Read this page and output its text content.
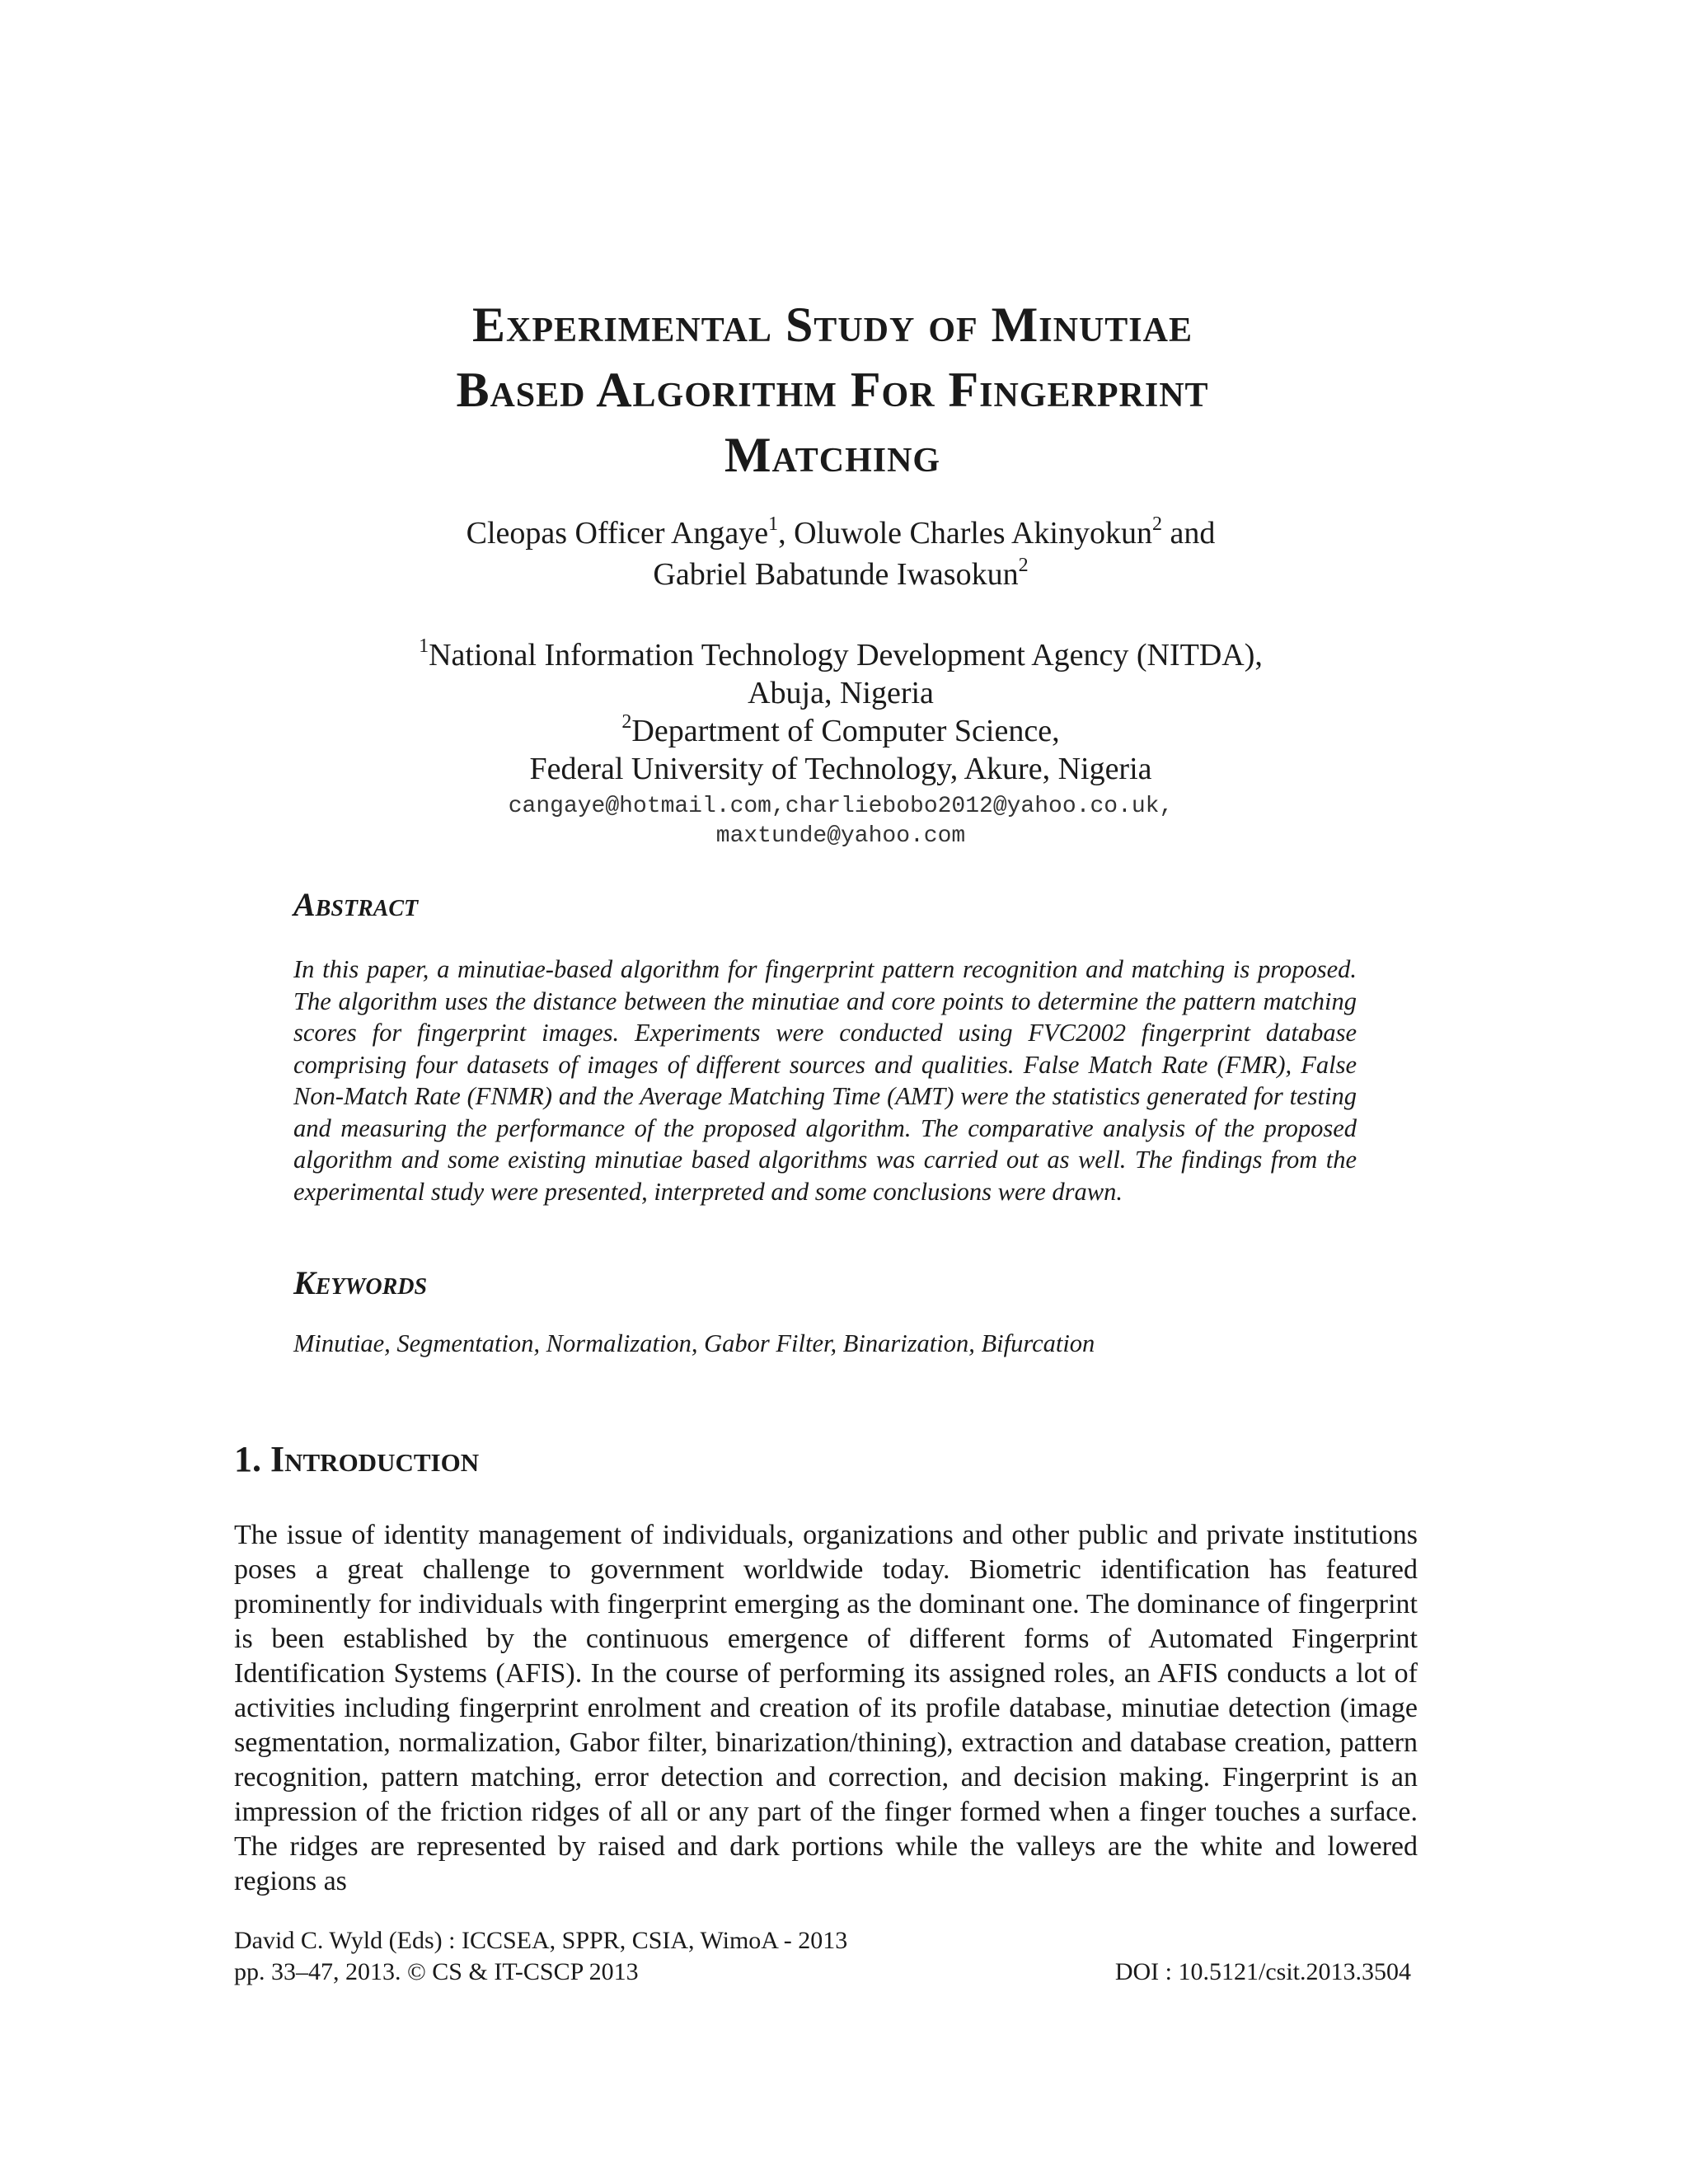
Experimental Study of Minutiae
Based Algorithm For Fingerprint
Matching
Cleopas Officer Angaye$^1$, Oluwole Charles Akinyokun$^2$ and
Gabriel Babatunde Iwasokun$^2$
$^1$National Information Technology Development Agency (NITDA),
Abuja, Nigeria
$^2$Department of Computer Science,
Federal University of Technology, Akure, Nigeria
cangaye@hotmail.com,charliebobo2012@yahoo.co.uk,
maxtunde@yahoo.com
Abstract

In this paper, a minutiae-based algorithm for fingerprint pattern recognition and matching is proposed. The algorithm uses the distance between the minutiae and core points to determine the pattern matching scores for fingerprint images. Experiments were conducted using FVC2002 fingerprint database comprising four datasets of images of different sources and qualities. False Match Rate (FMR), False Non-Match Rate (FNMR) and the Average Matching Time (AMT) were the statistics generated for testing and measuring the performance of the proposed algorithm. The comparative analysis of the proposed algorithm and some existing minutiae based algorithms was carried out as well. The findings from the experimental study were presented, interpreted and some conclusions were drawn.

Keywords

Minutiae, Segmentation, Normalization, Gabor Filter, Binarization, Bifurcation

1. Introduction

The issue of identity management of individuals, organizations and other public and private institutions poses a great challenge to government worldwide today. Biometric identification has featured prominently for individuals with fingerprint emerging as the dominant one. The dominance of fingerprint is been established by the continuous emergence of different forms of Automated Fingerprint Identification Systems (AFIS). In the course of performing its assigned roles, an AFIS conducts a lot of activities including fingerprint enrolment and creation of its profile database, minutiae detection (image segmentation, normalization, Gabor filter, binarization/thining), extraction and database creation, pattern recognition, pattern matching, error detection and correction, and decision making. Fingerprint is an impression of the friction ridges of all or any part of the finger formed when a finger touches a surface. The ridges are represented by raised and dark portions while the valleys are the white and lowered regions as

David C. Wyld (Eds) : ICCSEA, SPPR, CSIA, WimoA - 2013
pp. 33–47, 2013. © CS & IT-CSCP 2013	DOI : 10.5121/csit.2013.3504
